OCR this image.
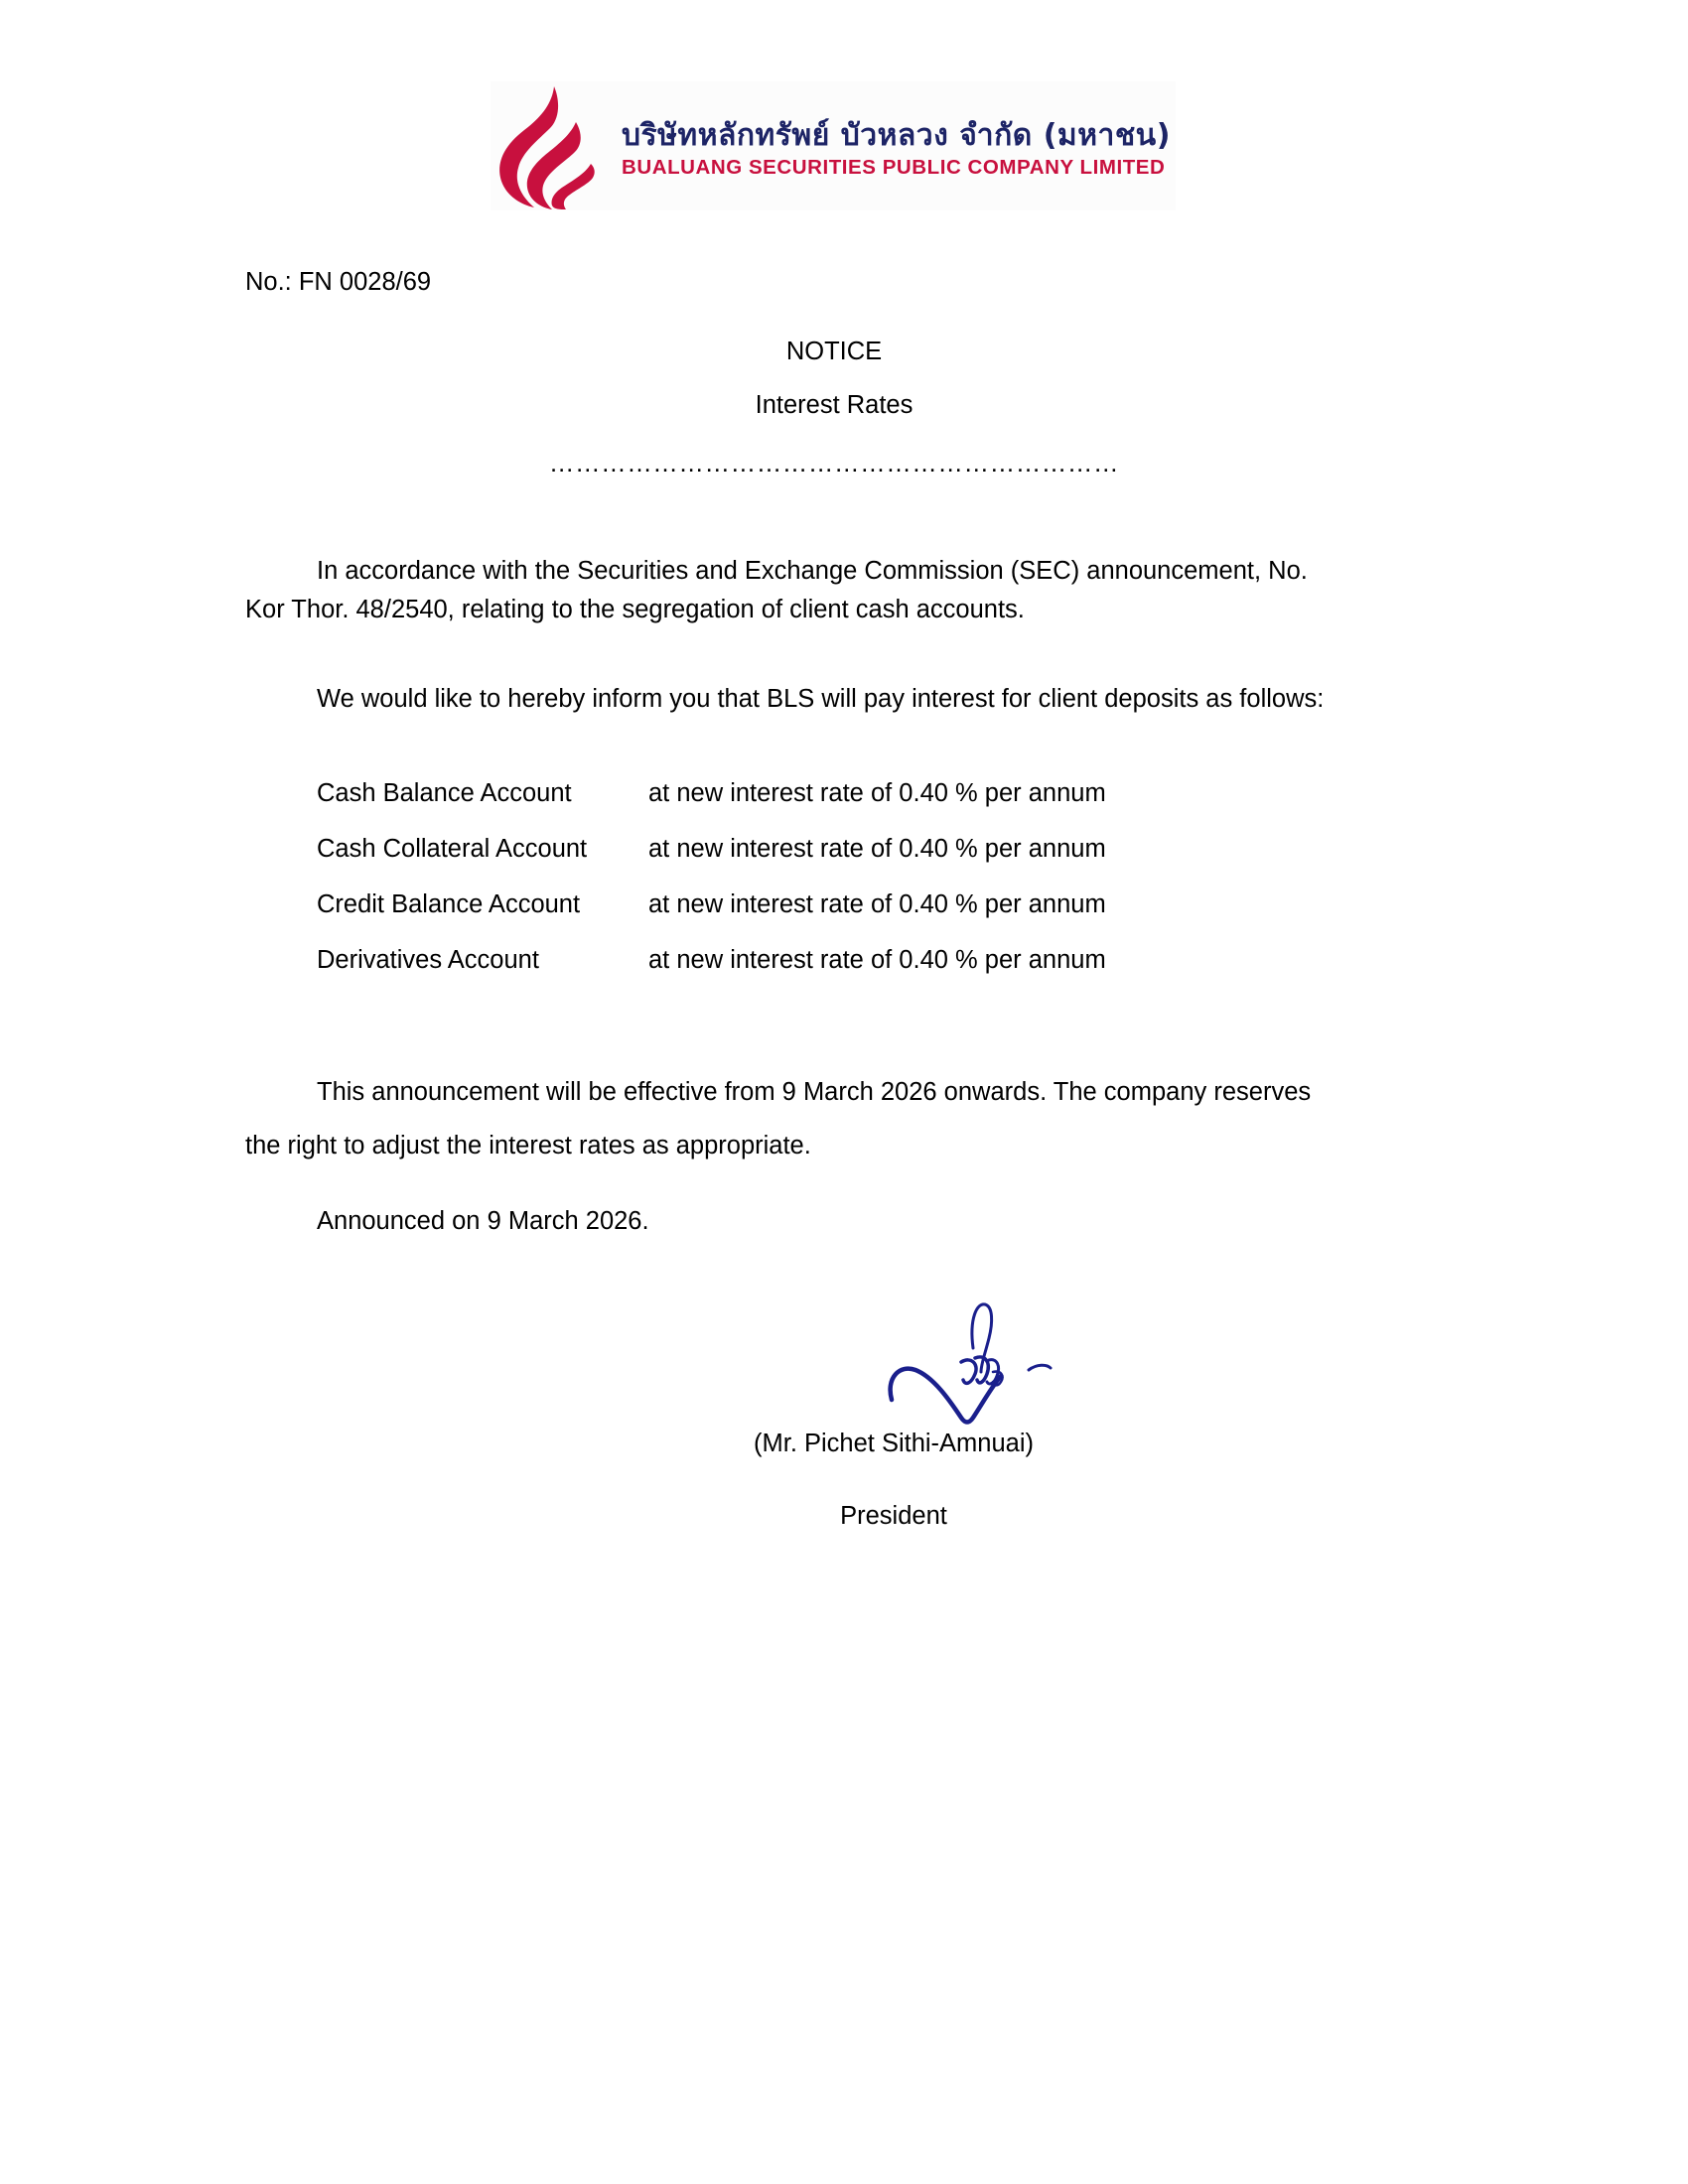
บริษัทหลักทรัพย์ บัวหลวง จำกัด (มหาชน)
BUALUANG SECURITIES PUBLIC COMPANY LIMITED
No.: FN 0028/69
NOTICE
Interest Rates
…………………………………………………………
In accordance with the Securities and Exchange Commission (SEC) announcement, No.
Kor Thor. 48/2540, relating to the segregation of client cash accounts.
We would like to hereby inform you that BLS will pay interest for client deposits as follows:
Cash Balance Account	at new interest rate of 0.40 % per annum
Cash Collateral Account at new interest rate of 0.40 % per annum
Credit Balance Account	at new interest rate of 0.40 % per annum
Derivatives Account	at new interest rate of 0.40 % per annum
This announcement will be effective from 9 March 2026 onwards. The company reserves
the right to adjust the interest rates as appropriate.
Announced on 9 March 2026.
(Mr. Pichet Sithi-Amnuai)
President
